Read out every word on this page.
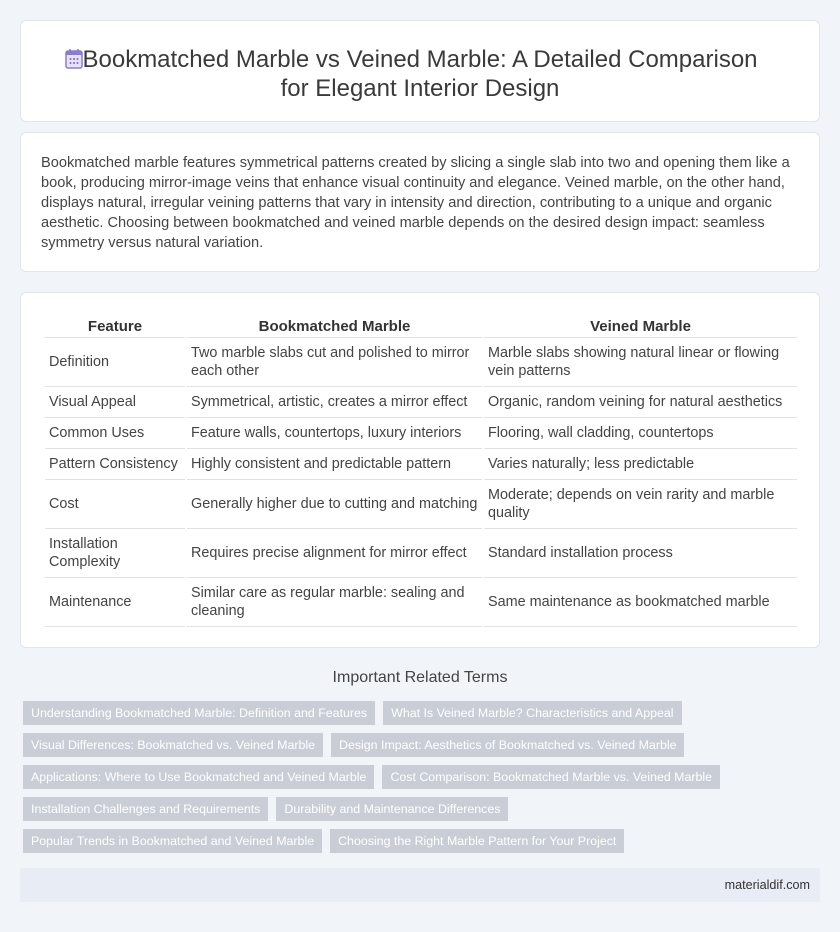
Bookmatched Marble vs Veined Marble: A Detailed Comparison
for Elegant Interior Design

Bookmatched marble features symmetrical patterns created by slicing a single slab into two and opening them like a book, producing mirror-image veins that enhance visual continuity and elegance. Veined marble, on the other hand, displays natural, irregular veining patterns that vary in intensity and direction, contributing to a unique and organic aesthetic. Choosing between bookmatched and veined marble depends on the desired design impact: seamless symmetry versus natural variation.

Feature	Bookmatched Marble	Veined Marble
Definition	Two marble slabs cut and polished to mirror each other	Marble slabs showing natural linear or flowing vein patterns
Visual Appeal	Symmetrical, artistic, creates a mirror effect	Organic, random veining for natural aesthetics
Common Uses	Feature walls, countertops, luxury interiors	Flooring, wall cladding, countertops
Pattern Consistency	Highly consistent and predictable pattern	Varies naturally; less predictable
Cost	Generally higher due to cutting and matching	Moderate; depends on vein rarity and marble quality
Installation Complexity	Requires precise alignment for mirror effect	Standard installation process
Maintenance	Similar care as regular marble: sealing and cleaning	Same maintenance as bookmatched marble
Important Related Terms
Understanding Bookmatched Marble: Definition and Features	What Is Veined Marble? Characteristics and Appeal
Visual Differences: Bookmatched vs. Veined Marble	Design Impact: Aesthetics of Bookmatched vs. Veined Marble
Applications: Where to Use Bookmatched and Veined Marble	Cost Comparison: Bookmatched Marble vs. Veined Marble
Installation Challenges and Requirements	Durability and Maintenance Differences
Popular Trends in Bookmatched and Veined Marble	Choosing the Right Marble Pattern for Your Project
materialdif.com
